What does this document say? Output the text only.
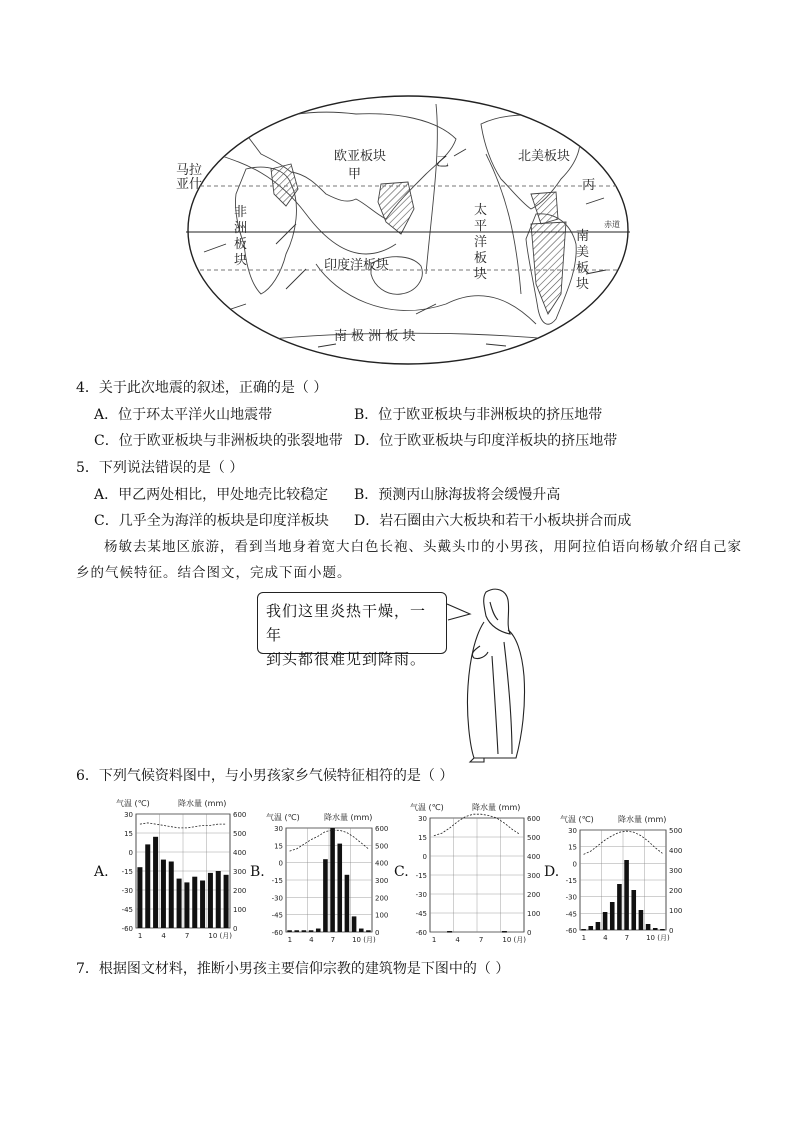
马拉
亚什
欧亚板块
甲
乙	北美板块
非
洲
板
块
太
平
洋
板
块
南
美
板
块
印度洋板块
南 极 洲 板 块
丙
赤道
4．关于此次地震的叙述，正确的是（ ）
A．位于环太平洋火山地震带	B．位于欧亚板块与非洲板块的挤压地带
C．位于欧亚板块与非洲板块的张裂地带 D．位于欧亚板块与印度洋板块的挤压地带
5．下列说法错误的是（ ）
A．甲乙两处相比，甲处地壳比较稳定 B．预测丙山脉海拔将会缓慢升高
C．几乎全为海洋的板块是印度洋板块 D．岩石圈由六大板块和若干小板块拼合而成
杨敏去某地区旅游，看到当地身着宽大白色长袍、头戴头巾的小男孩，用阿拉伯语向杨敏介绍自己家
乡的气候特征。结合图文，完成下面小题。
我们这里炎热干燥，一年
到头都很难见到降雨。
6．下列气候资料图中，与小男孩家乡气候特征相符的是（ ）
A.	B.	C.	D.
气温 (℃)	降水量 (mm)
30
15
0
-15
-30
-45
-60
600
500
400
300
200
100
0
1	4	7	10 (月)
气温 (℃)	降水量 (mm)
30
15
0
-15
-30
-45
-60
600
500
400
300
200
100
0
1 4 7 10 (月)
气温 (℃)	降水量 (mm)
30
15
0
-15
-30
-45
-60
600
500
400
300
200
100
0
1	4	7	10 (月)
气温 (℃)	降水量 (mm)
30
15
0
-15
-30
-45
-60
500
400
300
200
100
0
1 4 7 10 (月)
7．根据图文材料，推断小男孩主要信仰宗教的建筑物是下图中的（ ）
